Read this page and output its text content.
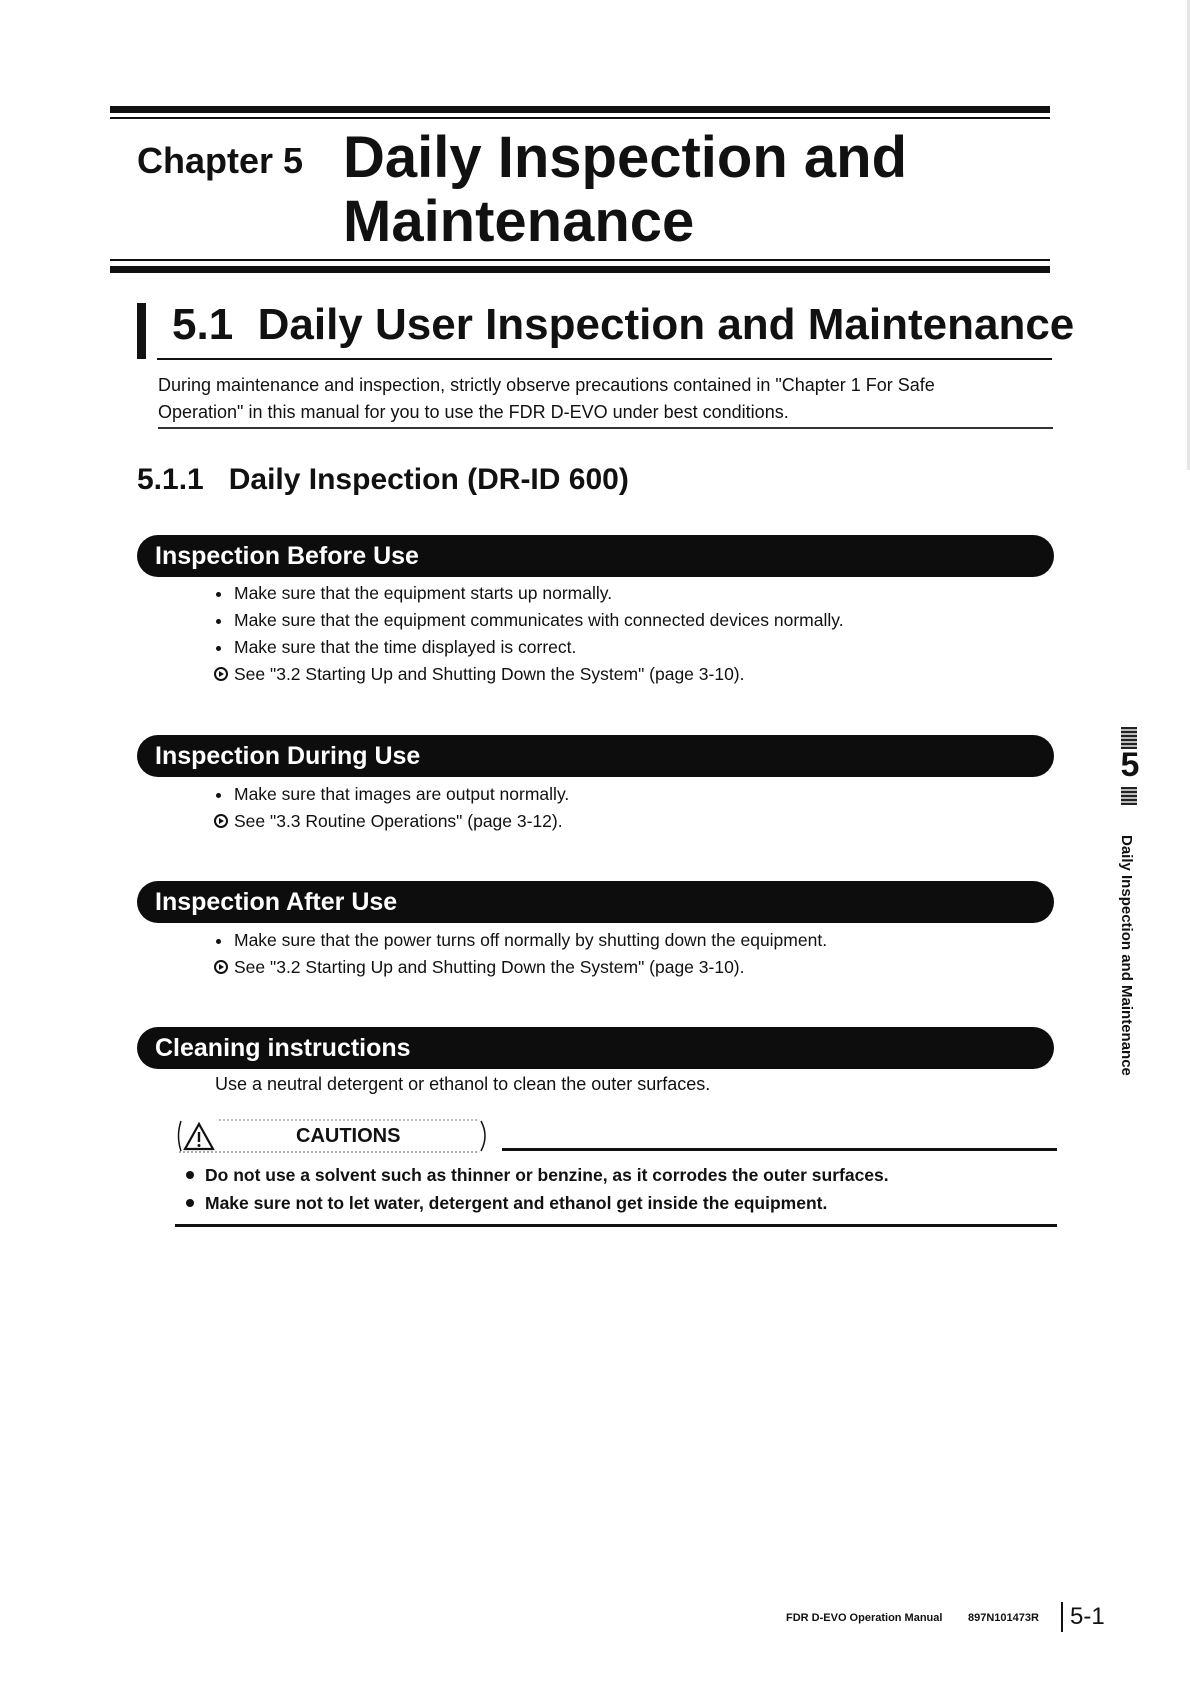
Chapter 5 Daily Inspection and
Maintenance
5.1  Daily User Inspection and Maintenance
During maintenance and inspection, strictly observe precautions contained in "Chapter 1 For Safe
Operation" in this manual for you to use the FDR D-EVO under best conditions.
5.1.1   Daily Inspection (DR-ID 600)
Inspection Before Use
Make sure that the equipment starts up normally.
Make sure that the equipment communicates with connected devices normally.
Make sure that the time displayed is correct.
See "3.2 Starting Up and Shutting Down the System" (page 3-10).
Inspection During Use
Make sure that images are output normally.
See "3.3 Routine Operations" (page 3-12).
Inspection After Use
Make sure that the power turns off normally by shutting down the equipment.
See "3.2 Starting Up and Shutting Down the System" (page 3-10).
Cleaning instructions
Use a neutral detergent or ethanol to clean the outer surfaces.
CAUTIONS
Do not use a solvent such as thinner or benzine, as it corrodes the outer surfaces.
Make sure not to let water, detergent and ethanol get inside the equipment.
5
Daily Inspection and Maintenance
FDR D-EVO Operation Manual 897N101473R 5-1
